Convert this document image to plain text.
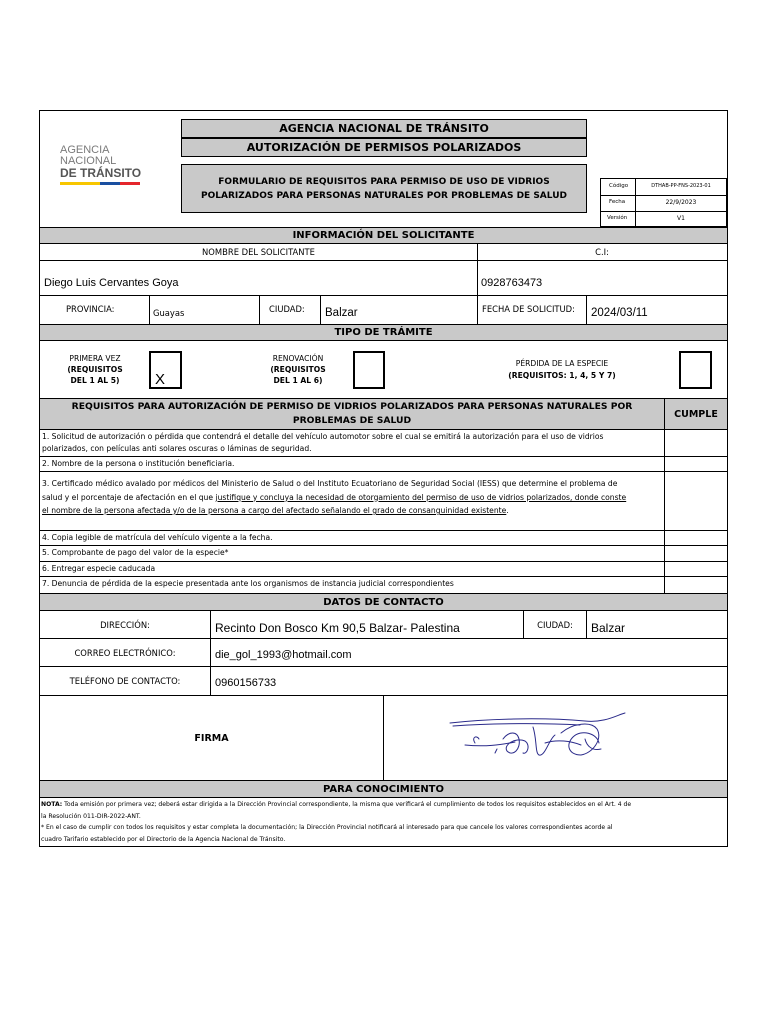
AGENCIA
NACIONAL
DE TRÁNSITO
AGENCIA NACIONAL DE TRÁNSITO
AUTORIZACIÓN DE PERMISOS POLARIZADOS
FORMULARIO DE REQUISITOS PARA PERMISO DE USO DE VIDRIOS
POLARIZADOS PARA PERSONAS NATURALES POR PROBLEMAS DE SALUD
Código	DTHAB-PP-FNS-2023-01
Fecha	22/9/2023
Versión	V1
INFORMACIÓN DEL SOLICITANTE
NOMBRE DEL SOLICITANTE	C.I:
Diego Luis Cervantes Goya	0928763473
PROVINCIA:	Guayas	CIUDAD: Balzar	FECHA DE SOLICITUD: 2024/03/11
TIPO DE TRÁMITE
PRIMERA VEZ
(REQUISITOS
DEL 1 AL 5) X
RENOVACIÓN
(REQUISITOS
DEL 1 AL 6)
PÉRDIDA DE LA ESPECIE
(REQUISITOS: 1, 4, 5 Y 7)
REQUISITOS PARA AUTORIZACIÓN DE PERMISO DE VIDRIOS POLARIZADOS PARA PERSONAS NATURALES POR
PROBLEMAS DE SALUD
CUMPLE
1. Solicitud de autorización o pérdida que contendrá el detalle del vehículo automotor sobre el cual se emitirá la autorización para el uso de vidrios
polarizados, con películas anti solares oscuras o láminas de seguridad.
2. Nombre de la persona o institución beneficiaria.
3. Certificado médico avalado por médicos del Ministerio de Salud o del Instituto Ecuatoriano de Seguridad Social (IESS) que determine el problema de
salud y el porcentaje de afectación en el que justifique y concluya la necesidad de otorgamiento del permiso de uso de vidrios polarizados, donde conste
el nombre de la persona afectada y/o de la persona a cargo del afectado señalando el grado de consanguinidad existente.
4. Copia legible de matrícula del vehículo vigente a la fecha.
5. Comprobante de pago del valor de la especie*
6. Entregar especie caducada
7. Denuncia de pérdida de la especie presentada ante los organismos de instancia judicial correspondientes
DATOS DE CONTACTO
DIRECCIÓN:	Recinto Don Bosco Km 90,5 Balzar- Palestina	CIUDAD:	Balzar
CORREO ELECTRÓNICO:	die_gol_1993@hotmail.com
TELÉFONO DE CONTACTO:	0960156733
FIRMA
PARA CONOCIMIENTO
NOTA: Toda emisión por primera vez; deberá estar dirigida a la Dirección Provincial correspondiente, la misma que verificará el cumplimiento de todos los requisitos establecidos en el Art. 4 de
la Resolución 011-DIR-2022-ANT.
* En el caso de cumplir con todos los requisitos y estar completa la documentación; la Dirección Provincial notificará al interesado para que cancele los valores correspondientes acorde al
cuadro Tarifario establecido por el Directorio de la Agencia Nacional de Tránsito.
